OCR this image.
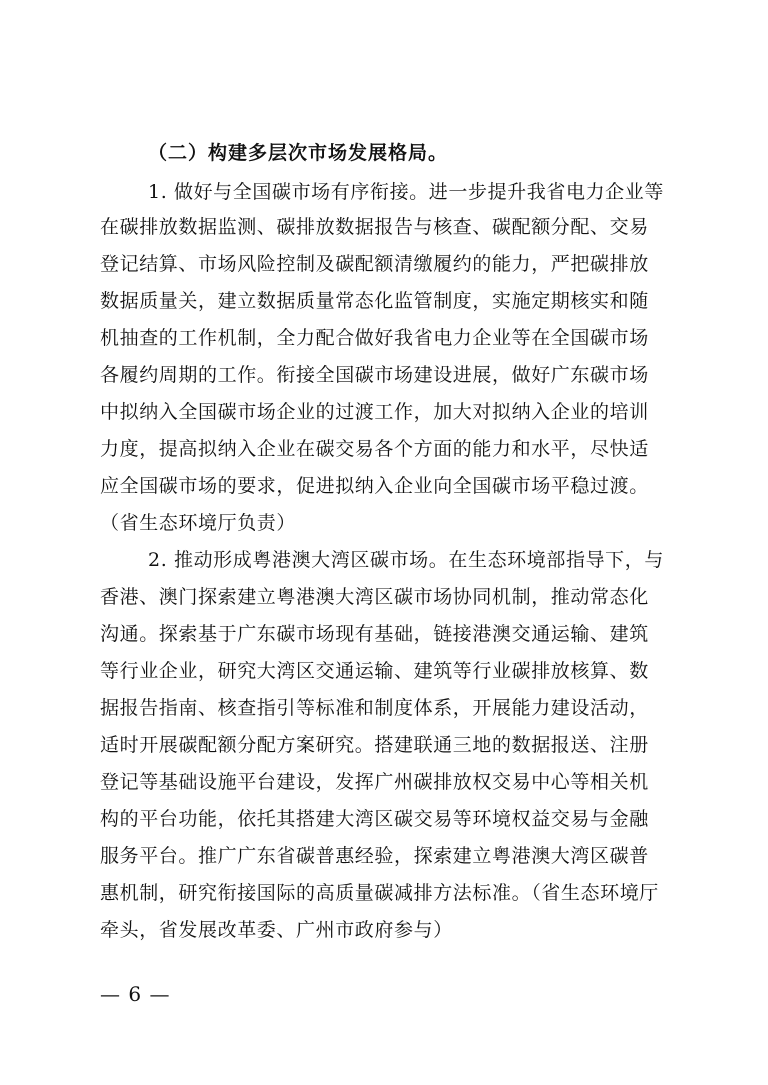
（二）构建多层次市场发展格局。
1. 做好与全国碳市场有序衔接。进一步提升我省电力企业等
在碳排放数据监测、碳排放数据报告与核查、碳配额分配、交易
登记结算、市场风险控制及碳配额清缴履约的能力，严把碳排放
数据质量关，建立数据质量常态化监管制度，实施定期核实和随
机抽查的工作机制，全力配合做好我省电力企业等在全国碳市场
各履约周期的工作。衔接全国碳市场建设进展，做好广东碳市场
中拟纳入全国碳市场企业的过渡工作，加大对拟纳入企业的培训
力度，提高拟纳入企业在碳交易各个方面的能力和水平，尽快适
应全国碳市场的要求，促进拟纳入企业向全国碳市场平稳过渡。
（省生态环境厅负责）
2. 推动形成粤港澳大湾区碳市场。在生态环境部指导下，与
香港、澳门探索建立粤港澳大湾区碳市场协同机制，推动常态化
沟通。探索基于广东碳市场现有基础，链接港澳交通运输、建筑
等行业企业，研究大湾区交通运输、建筑等行业碳排放核算、数
据报告指南、核查指引等标准和制度体系，开展能力建设活动，
适时开展碳配额分配方案研究。搭建联通三地的数据报送、注册
登记等基础设施平台建设，发挥广州碳排放权交易中心等相关机
构的平台功能，依托其搭建大湾区碳交易等环境权益交易与金融
服务平台。推广广东省碳普惠经验，探索建立粤港澳大湾区碳普
惠机制，研究衔接国际的高质量碳减排方法标准。（省生态环境厅
牵头，省发展改革委、广州市政府参与）
— 6 —
